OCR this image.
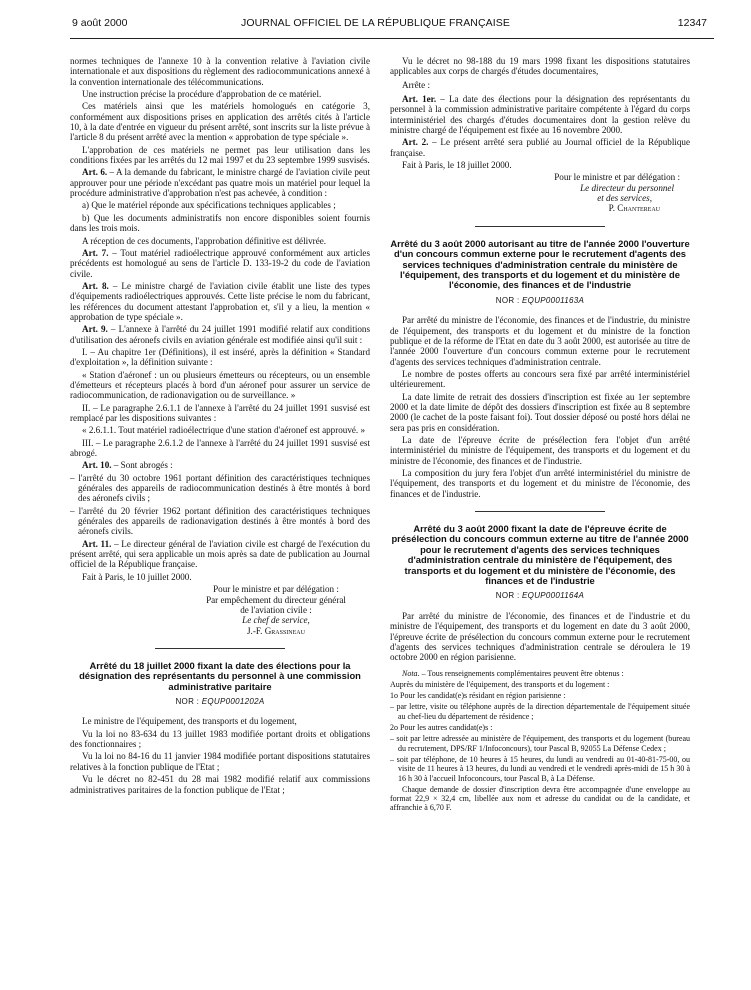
9 août 2000	JOURNAL OFFICIEL DE LA RÉPUBLIQUE FRANÇAISE	12347

normes techniques de l'annexe 10 à la convention relative à l'aviation civile internationale et aux dispositions du règlement des radiocommunications annexé à la convention internationale des télécommunications.

Une instruction précise la procédure d'approbation de ce matériel.

Ces matériels ainsi que les matériels homologués en catégorie 3, conformément aux dispositions prises en application des arrêtés cités à l'article 10, à la date d'entrée en vigueur du présent arrêté, sont inscrits sur la liste prévue à l'article 8 du présent arrêté avec la mention « approbation de type spéciale ».

L'approbation de ces matériels ne permet pas leur utilisation dans les conditions fixées par les arrêtés du 12 mai 1997 et du 23 septembre 1999 susvisés.

Art. 6. – A la demande du fabricant, le ministre chargé de l'aviation civile peut approuver pour une période n'excédant pas quatre mois un matériel pour lequel la procédure administrative d'approbation n'est pas achevée, à condition :

a) Que le matériel réponde aux spécifications techniques applicables ;

b) Que les documents administratifs non encore disponibles soient fournis dans les trois mois.

A réception de ces documents, l'approbation définitive est délivrée.

Art. 7. – Tout matériel radioélectrique approuvé conformément aux articles précédents est homologué au sens de l'article D. 133-19-2 du code de l'aviation civile.

Art. 8. – Le ministre chargé de l'aviation civile établit une liste des types d'équipements radioélectriques approuvés. Cette liste précise le nom du fabricant, les références du document attestant l'approbation et, s'il y a lieu, la mention « approbation de type spéciale ».

Art. 9. – L'annexe à l'arrêté du 24 juillet 1991 modifié relatif aux conditions d'utilisation des aéronefs civils en aviation générale est modifiée ainsi qu'il suit :

I. – Au chapitre 1er (Définitions), il est inséré, après la définition « Standard d'exploitation », la définition suivante :

« Station d'aéronef : un ou plusieurs émetteurs ou récepteurs, ou un ensemble d'émetteurs et récepteurs placés à bord d'un aéronef pour assurer un service de radiocommunication, de radionavigation ou de surveillance. »

II. – Le paragraphe 2.6.1.1 de l'annexe à l'arrêté du 24 juillet 1991 susvisé est remplacé par les dispositions suivantes :

« 2.6.1.1. Tout matériel radioélectrique d'une station d'aéronef est approuvé. »

III. – Le paragraphe 2.6.1.2 de l'annexe à l'arrêté du 24 juillet 1991 susvisé est abrogé.

Art. 10. – Sont abrogés :

– l'arrêté du 30 octobre 1961 portant définition des caractéristiques techniques générales des appareils de radiocommunication destinés à être montés à bord des aéronefs civils ;

– l'arrêté du 20 février 1962 portant définition des caractéristiques techniques générales des appareils de radionavigation destinés à être montés à bord des aéronefs civils.

Art. 11. – Le directeur général de l'aviation civile est chargé de l'exécution du présent arrêté, qui sera applicable un mois après sa date de publication au Journal officiel de la République française.

Fait à Paris, le 10 juillet 2000.

Pour le ministre et par délégation :
Par empêchement du directeur général
de l'aviation civile :
Le chef de service,
J.-F. Grassineau
Arrêté du 18 juillet 2000 fixant la date des élections pour la désignation des représentants du personnel à une commission administrative paritaire
NOR : EQUP0001202A

Le ministre de l'équipement, des transports et du logement,

Vu la loi no 83-634 du 13 juillet 1983 modifiée portant droits et obligations des fonctionnaires ;

Vu la loi no 84-16 du 11 janvier 1984 modifiée portant dispositions statutaires relatives à la fonction publique de l'Etat ;

Vu le décret no 82-451 du 28 mai 1982 modifié relatif aux commissions administratives paritaires de la fonction publique de l'Etat ;

Vu le décret no 98-188 du 19 mars 1998 fixant les dispositions statutaires applicables aux corps de chargés d'études documentaires,

Arrête :

Art. 1er. – La date des élections pour la désignation des représentants du personnel à la commission administrative paritaire compétente à l'égard du corps interministériel des chargés d'études documentaires dont la gestion relève du ministre chargé de l'équipement est fixée au 16 novembre 2000.

Art. 2. – Le présent arrêté sera publié au Journal officiel de la République française.

Fait à Paris, le 18 juillet 2000.

Pour le ministre et par délégation :
Le directeur du personnel
et des services,
P. Chantereau
Arrêté du 3 août 2000 autorisant au titre de l'année 2000 l'ouverture d'un concours commun externe pour le recrutement d'agents des services techniques d'administration centrale du ministère de l'équipement, des transports et du logement et du ministère de l'économie, des finances et de l'industrie
NOR : EQUP0001163A

Par arrêté du ministre de l'économie, des finances et de l'industrie, du ministre de l'équipement, des transports et du logement et du ministre de la fonction publique et de la réforme de l'Etat en date du 3 août 2000, est autorisée au titre de l'année 2000 l'ouverture d'un concours commun externe pour le recrutement d'agents des services techniques d'administration centrale.

Le nombre de postes offerts au concours sera fixé par arrêté interministériel ultérieurement.

La date limite de retrait des dossiers d'inscription est fixée au 1er septembre 2000 et la date limite de dépôt des dossiers d'inscription est fixée au 8 septembre 2000 (le cachet de la poste faisant foi). Tout dossier déposé ou posté hors délai ne sera pas pris en considération.

La date de l'épreuve écrite de présélection fera l'objet d'un arrêté interministériel du ministre de l'équipement, des transports et du logement et du ministre de l'économie, des finances et de l'industrie.

La composition du jury fera l'objet d'un arrêté interministériel du ministre de l'équipement, des transports et du logement et du ministre de l'économie, des finances et de l'industrie.

Arrêté du 3 août 2000 fixant la date de l'épreuve écrite de présélection du concours commun externe au titre de l'année 2000 pour le recrutement d'agents des services techniques d'administration centrale du ministère de l'équipement, des transports et du logement et du ministère de l'économie, des finances et de l'industrie
NOR : EQUP0001164A

Par arrêté du ministre de l'économie, des finances et de l'industrie et du ministre de l'équipement, des transports et du logement en date du 3 août 2000, l'épreuve écrite de présélection du concours commun externe pour le recrutement d'agents des services techniques d'administration centrale se déroulera le 19 octobre 2000 en région parisienne.

Nota. – Tous renseignements complémentaires peuvent être obtenus :

Auprès du ministère de l'équipement, des transports et du logement :

1o Pour les candidat(e)s résidant en région parisienne :

– par lettre, visite ou téléphone auprès de la direction départementale de l'équipement située au chef-lieu du département de résidence ;

2o Pour les autres candidat(e)s :

– soit par lettre adressée au ministère de l'équipement, des transports et du logement (bureau du recrutement, DPS/RF 1/Infoconcours), tour Pascal B, 92055 La Défense Cedex ;

– soit par téléphone, de 10 heures à 15 heures, du lundi au vendredi au 01-40-81-75-00, ou visite de 11 heures à 13 heures, du lundi au vendredi et le vendredi après-midi de 15 h 30 à 16 h 30 à l'accueil Infoconcours, tour Pascal B, à La Défense.

Chaque demande de dossier d'inscription devra être accompagnée d'une enveloppe au format 22,9 × 32,4 cm, libellée aux nom et adresse du candidat ou de la candidate, et affranchie à 6,70 F.
